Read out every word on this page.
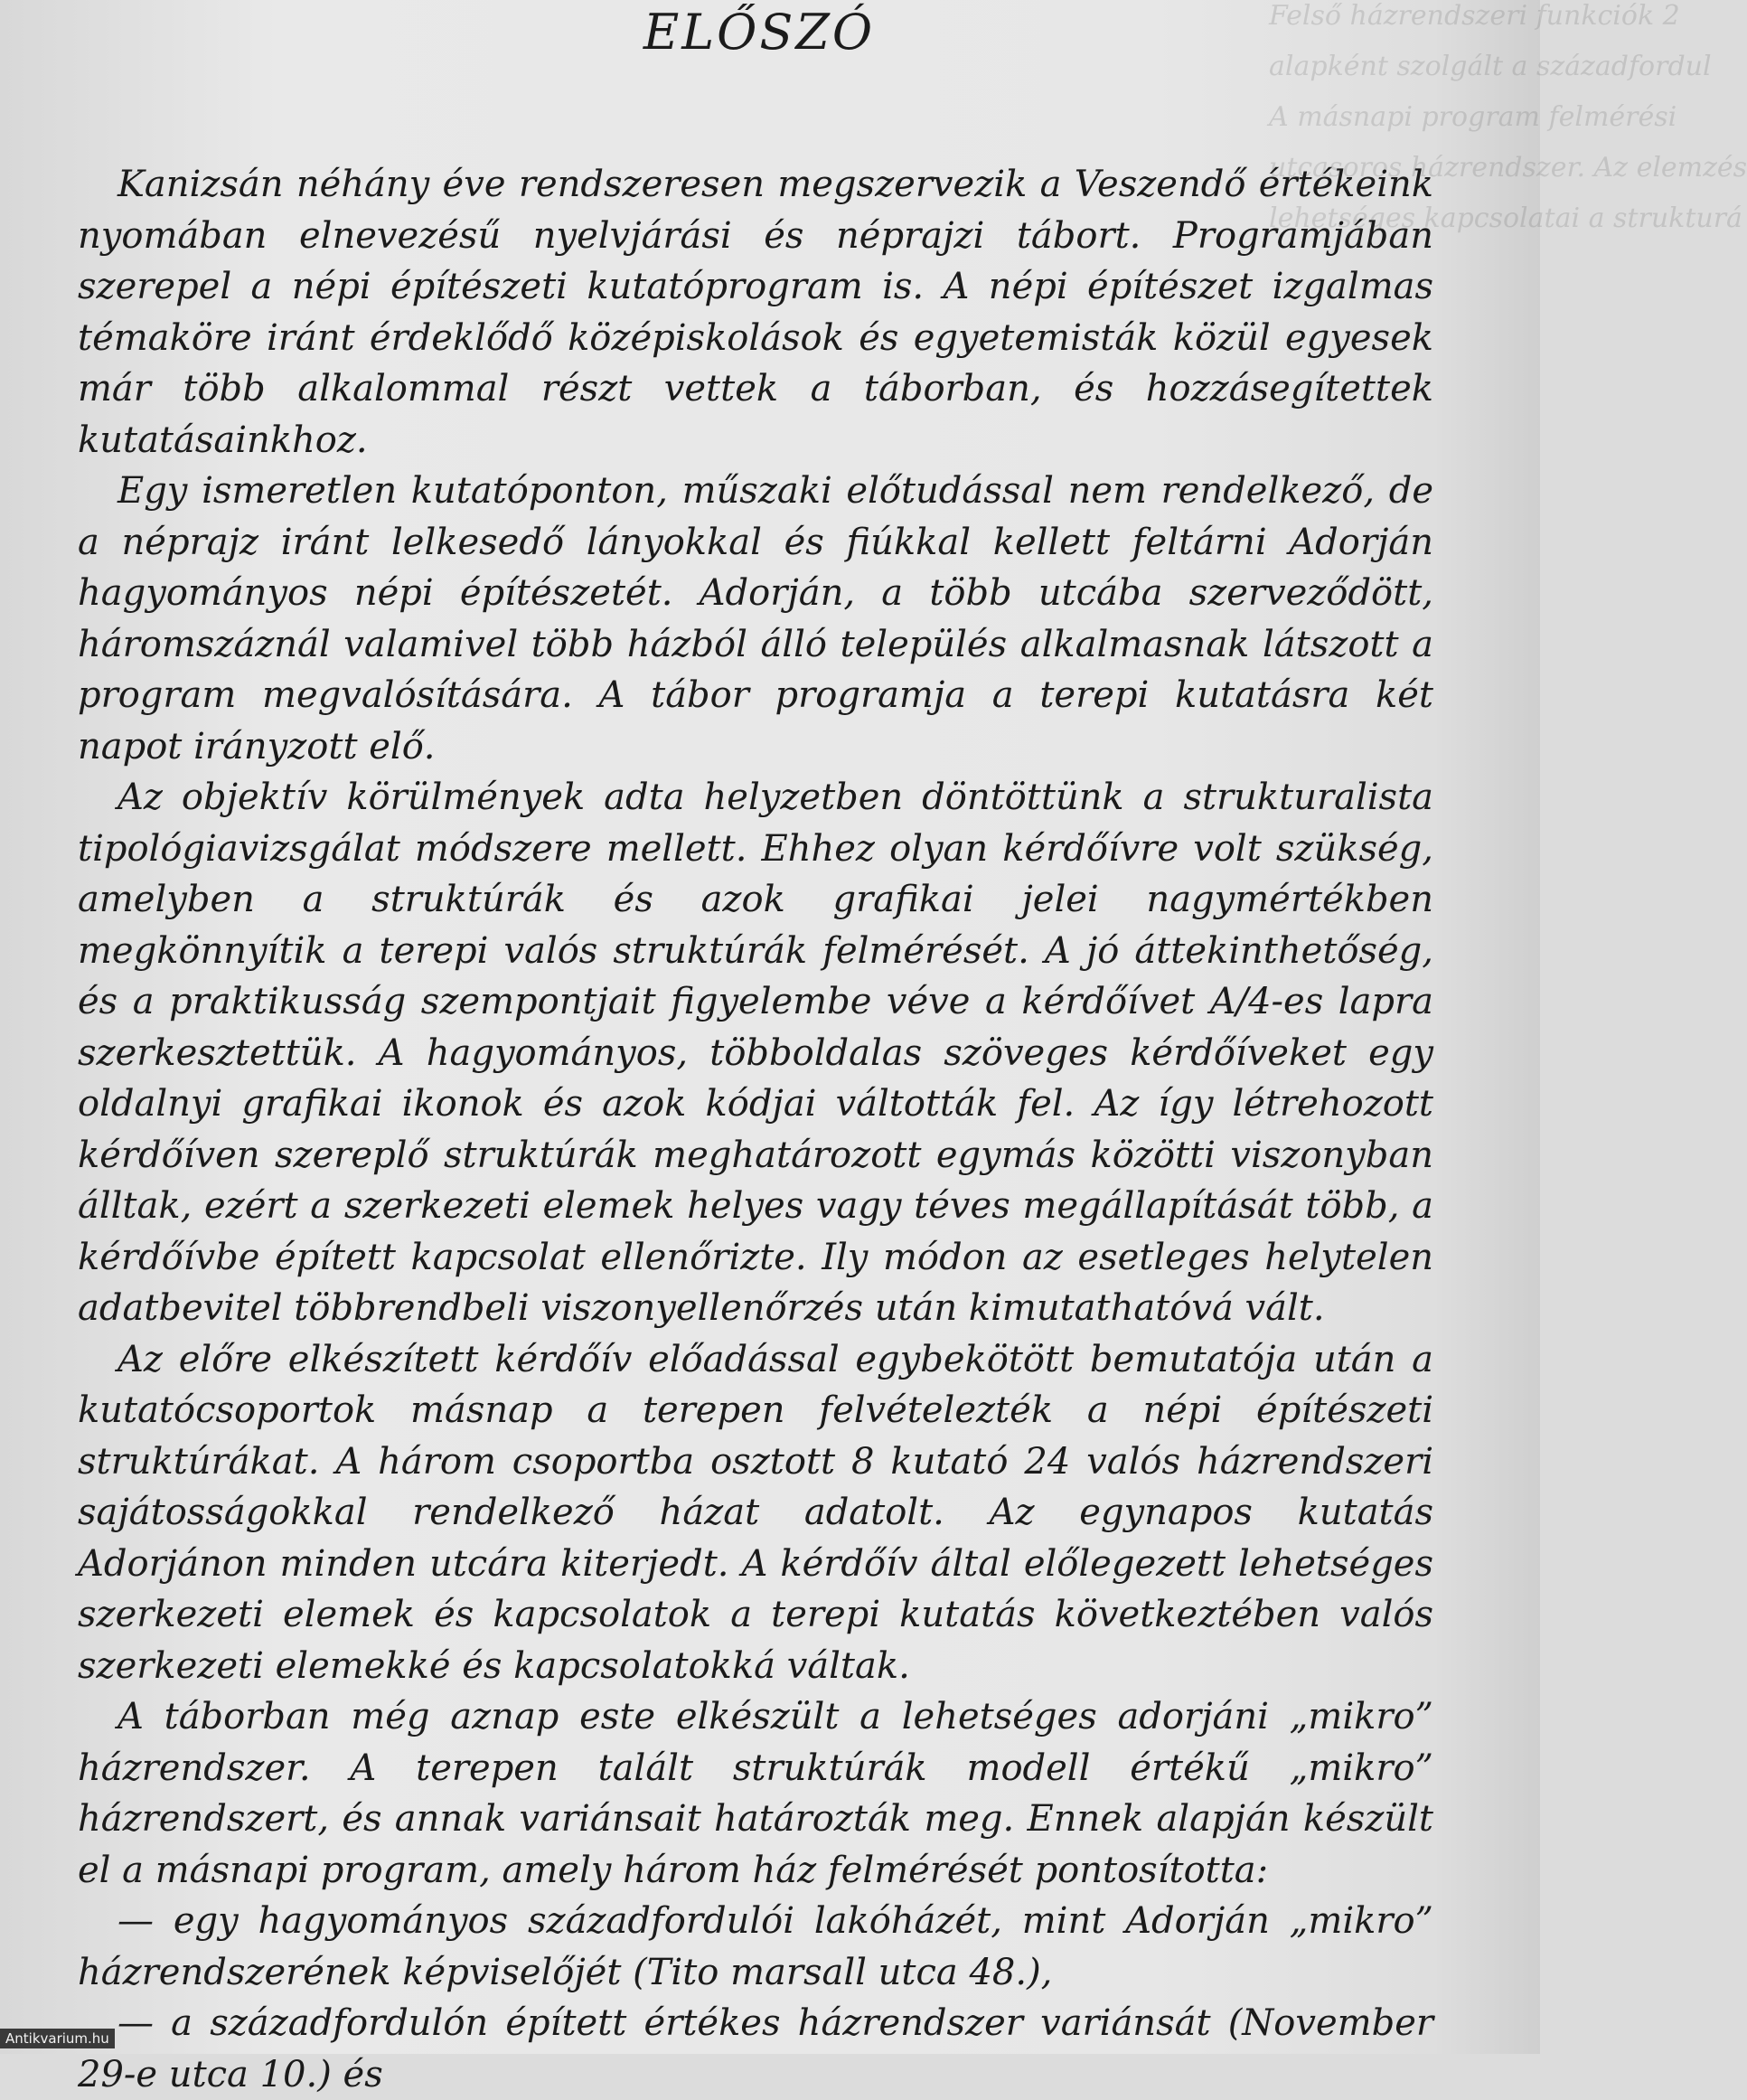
Felső házrendszeri funkciók 2
alapként szolgált a századfordul
A másnapi program felmérési
utcasoros házrendszer. Az elemzés
lehetséges kapcsolatai a strukturá
ELŐSZÓ

Kanizsán néhány éve rendszeresen megszervezik a Veszendő értékeink nyomában elnevezésű nyelvjárási és néprajzi tábort. Programjában szerepel a népi építészeti kutatóprogram is. A népi építészet izgalmas témaköre iránt érdeklődő középiskolások és egyetemisták közül egyesek már több alkalommal részt vettek a táborban, és hozzásegítettek kutatásainkhoz.

Egy ismeretlen kutatóponton, műszaki előtudással nem rendelkező, de a néprajz iránt lelkesedő lányokkal és fiúkkal kellett feltárni Adorján hagyományos népi építészetét. Adorján, a több utcába szerveződött, háromszáznál valamivel több házból álló település alkalmasnak látszott a program megvalósítására. A tábor programja a terepi kutatásra két napot irányzott elő.

Az objektív körülmények adta helyzetben döntöttünk a strukturalista tipológiavizsgálat módszere mellett. Ehhez olyan kérdőívre volt szükség, amelyben a struktúrák és azok grafikai jelei nagymértékben megkönnyítik a terepi valós struktúrák felmérését. A jó áttekinthetőség, és a praktikusság szempontjait figyelembe véve a kérdőívet A/4-es lapra szerkesztettük. A hagyományos, többoldalas szöveges kérdőíveket egy oldalnyi grafikai ikonok és azok kódjai váltották fel. Az így létrehozott kérdőíven szereplő struktúrák meghatározott egymás közötti viszonyban álltak, ezért a szerkezeti elemek helyes vagy téves megállapítását több, a kérdőívbe épített kapcsolat ellenőrizte. Ily módon az esetleges helytelen adatbevitel többrendbeli viszonyellenőrzés után kimutathatóvá vált.

Az előre elkészített kérdőív előadással egybekötött bemutatója után a kutatócsoportok másnap a terepen felvételezték a népi építészeti struktúrákat. A három csoportba osztott 8 kutató 24 valós házrendszeri sajátosságokkal rendelkező házat adatolt. Az egynapos kutatás Adorjánon minden utcára kiterjedt. A kérdőív által előlegezett lehetséges szerkezeti elemek és kapcsolatok a terepi kutatás következtében valós szerkezeti elemekké és kapcsolatokká váltak.

A táborban még aznap este elkészült a lehetséges adorjáni „mikro” házrendszer. A terepen talált struktúrák modell értékű „mikro” házrendszert, és annak variánsait határozták meg. Ennek alapján készült el a másnapi program, amely három ház felmérését pontosította:

— egy hagyományos századfordulói lakóházét, mint Adorján „mikro” házrendszerének képviselőjét (Tito marsall utca 48.),

— a századfordulón épített értékes házrendszer variánsát (November 29-e utca 10.) és

Antikvarium.hu
